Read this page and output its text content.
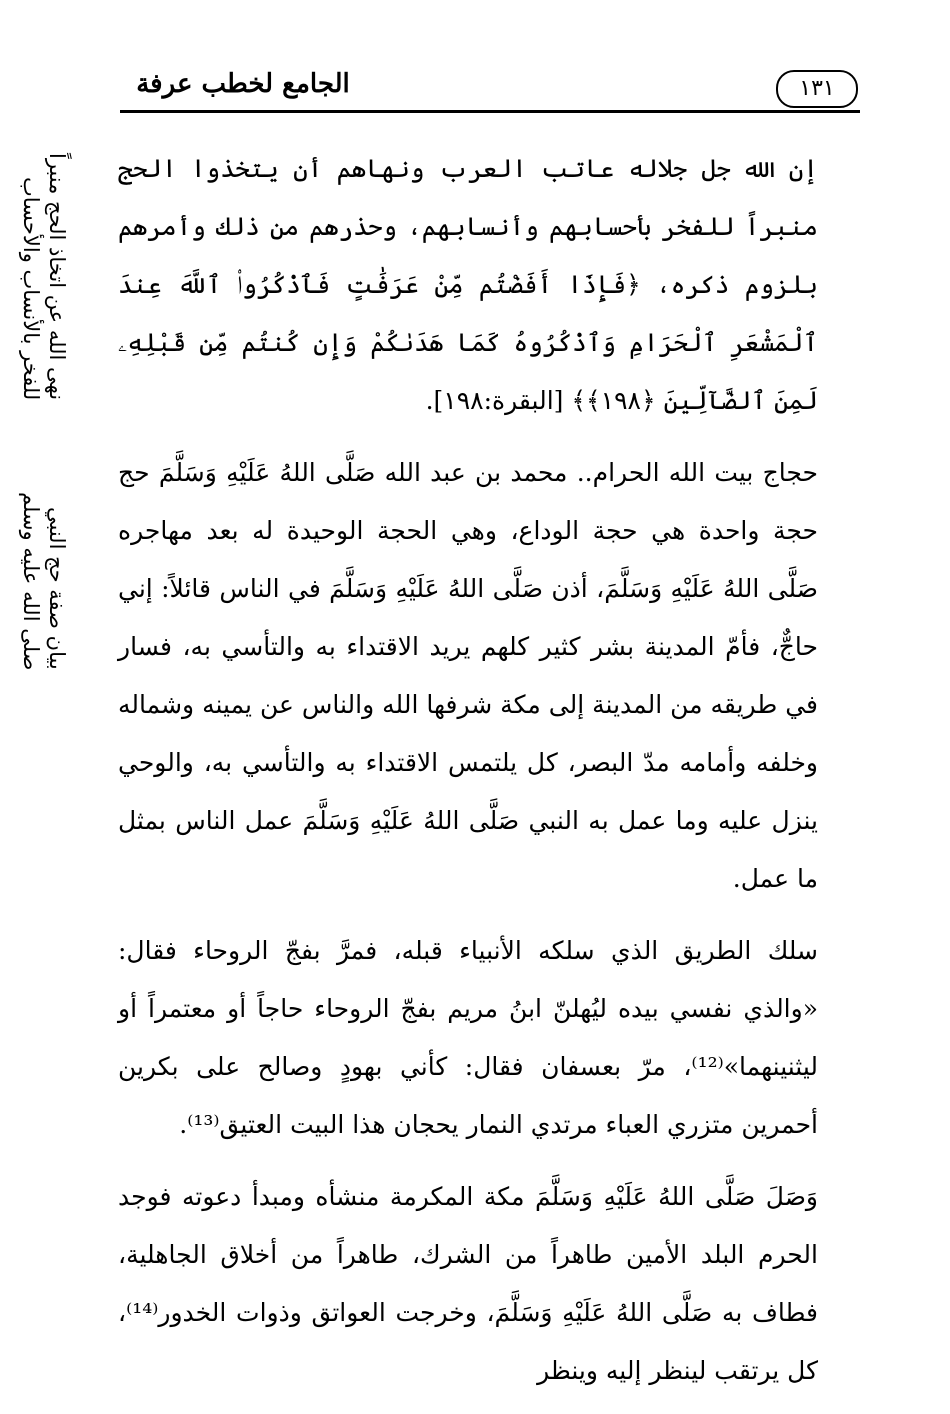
١٣١
الجامع لخطب عرفة
نهى الله عن اتخاذ الحج منبراً
للفخر بالأنساب والأحساب
بيان صفة حج النبي
صلى الله عليه وسلم

إن الله جل جلاله عاتب العرب ونهاهم أن يتخذوا الحج منبراً للفخر بأحسابهم وأنسابهم، وحذرهم من ذلك وأمرهم بلزوم ذكره، ﴿فَإِذَا أَفَضْتُم مِّنْ عَرَفَٰتٍ فَٱذْكُرُوا۟ ٱللَّهَ عِندَ ٱلْمَشْعَرِ ٱلْحَرَامِ وَٱذْكُرُوهُ كَمَا هَدَىٰكُمْ وَإِن كُنتُم مِّن قَبْلِهِۦ لَمِنَ ٱلضَّآلِّينَ ﴿١٩٨﴾﴾ [البقرة:١٩٨].

حجاج بيت الله الحرام.. محمد بن عبد الله صَلَّى اللهُ عَلَيْهِ وَسَلَّمَ حج حجة واحدة هي حجة الوداع، وهي الحجة الوحيدة له بعد مهاجره صَلَّى اللهُ عَلَيْهِ وَسَلَّمَ، أذن صَلَّى اللهُ عَلَيْهِ وَسَلَّمَ في الناس قائلاً: إني حاجٌّ، فأمّ المدينة بشر كثير كلهم يريد الاقتداء به والتأسي به، فسار في طريقه من المدينة إلى مكة شرفها الله والناس عن يمينه وشماله وخلفه وأمامه مدّ البصر، كل يلتمس الاقتداء به والتأسي به، والوحي ينزل عليه وما عمل به النبي صَلَّى اللهُ عَلَيْهِ وَسَلَّمَ عمل الناس بمثل ما عمل.

سلك الطريق الذي سلكه الأنبياء قبله، فمرَّ بفجّ الروحاء فقال: «والذي نفسي بيده ليُهلنّ ابنُ مريم بفجّ الروحاء حاجاً أو معتمراً أو ليثنينهما»⁽¹²⁾، مرّ بعسفان فقال: كأني بهودٍ وصالح على بكرين أحمرين متزري العباء مرتدي النمار يحجان هذا البيت العتيق⁽¹³⁾.

وَصَلَ صَلَّى اللهُ عَلَيْهِ وَسَلَّمَ مكة المكرمة منشأه ومبدأ دعوته فوجد الحرم البلد الأمين طاهراً من الشرك، طاهراً من أخلاق الجاهلية، فطاف به صَلَّى اللهُ عَلَيْهِ وَسَلَّمَ، وخرجت العواتق وذوات الخدور⁽¹⁴⁾، كل يرتقب لينظر إليه وينظر
